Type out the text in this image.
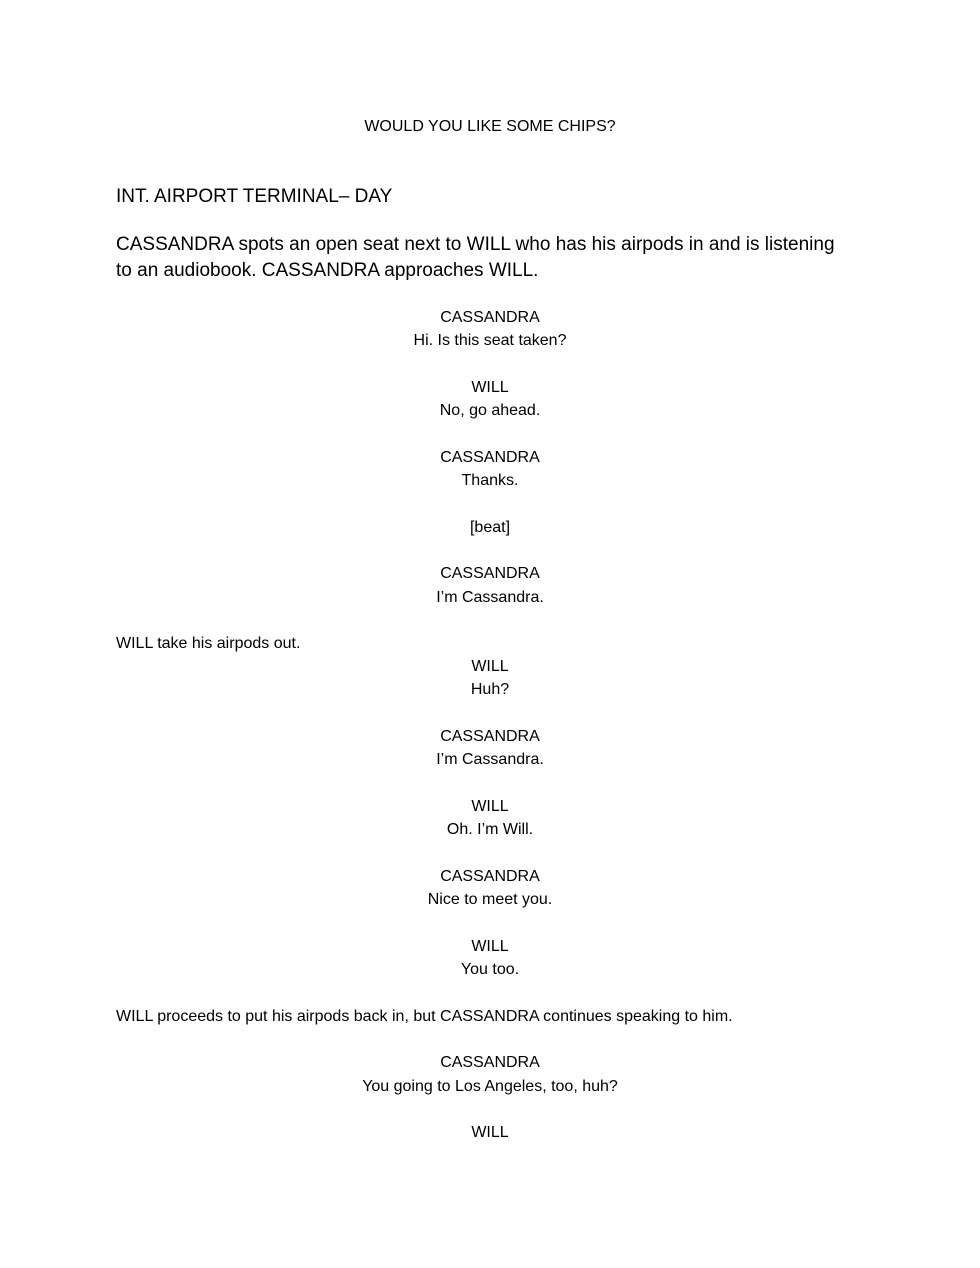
WOULD YOU LIKE SOME CHIPS?
INT. AIRPORT TERMINAL– DAY
CASSANDRA spots an open seat next to WILL who has his airpods in and is listening
to an audiobook. CASSANDRA approaches WILL.
CASSANDRA
Hi. Is this seat taken?
WILL
No, go ahead.
CASSANDRA
Thanks.
[beat]
CASSANDRA
I’m Cassandra.
WILL take his airpods out.
WILL
Huh?
CASSANDRA
I’m Cassandra.
WILL
Oh. I’m Will.
CASSANDRA
Nice to meet you.
WILL
You too.
WILL proceeds to put his airpods back in, but CASSANDRA continues speaking to him.
CASSANDRA
You going to Los Angeles, too, huh?
WILL
